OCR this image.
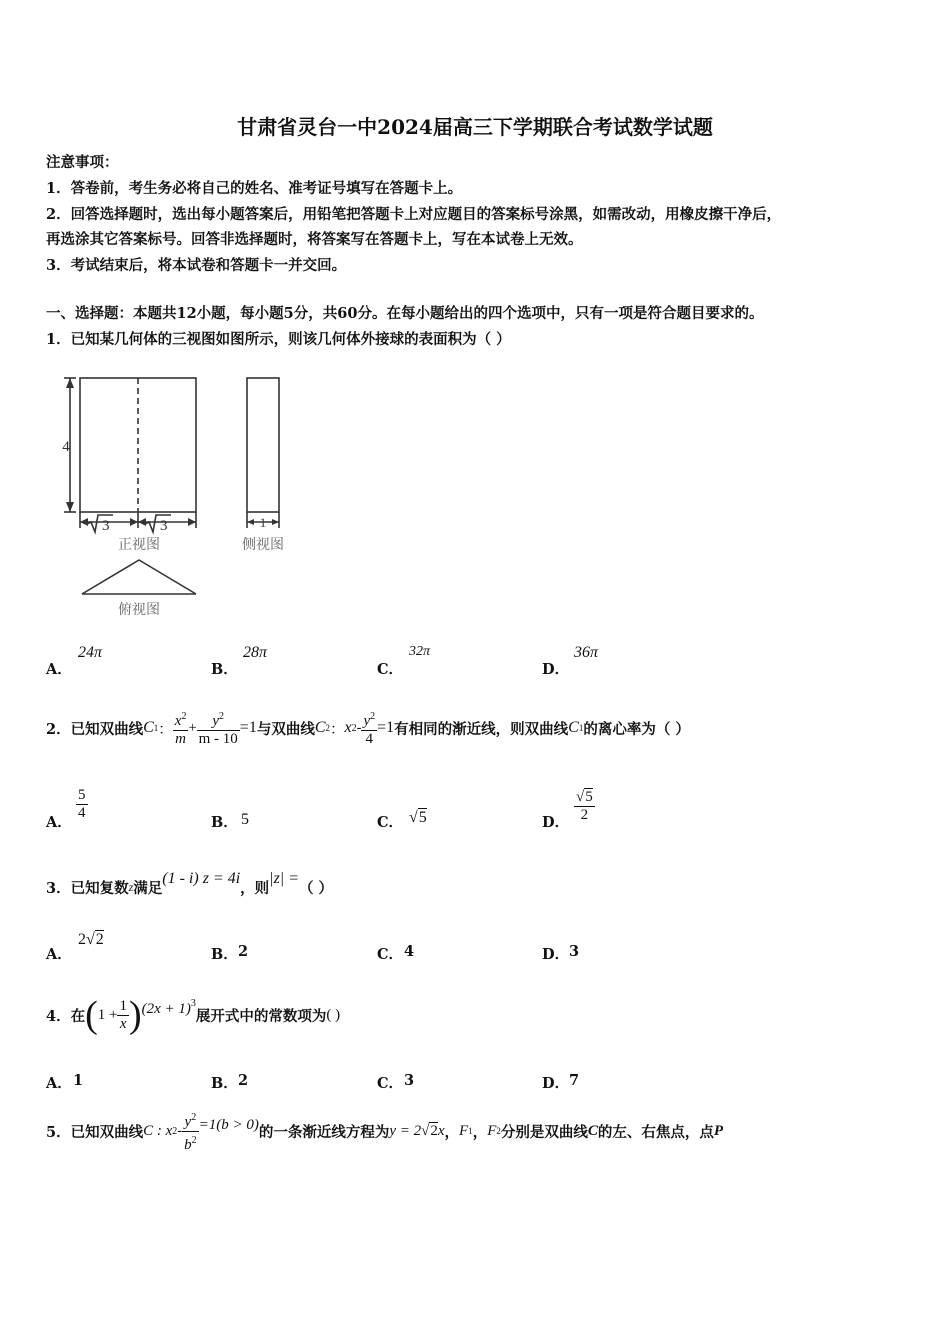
甘肃省灵台一中2024届高三下学期联合考试数学试题
注意事项：
1．答卷前，考生务必将自己的姓名、准考证号填写在答题卡上。
2．回答选择题时，选出每小题答案后，用铅笔把答题卡上对应题目的答案标号涂黑，如需改动，用橡皮擦干净后，
再选涂其它答案标号。回答非选择题时，将答案写在答题卡上，写在本试卷上无效。
3．考试结束后，将本试卷和答题卡一并交回。
一、选择题：本题共12小题，每小题5分，共60分。在每小题给出的四个选项中，只有一项是符合题目要求的。
1．已知某几何体的三视图如图所示，则该几何体外接球的表面积为（ ）
4
3	3	1
正视图	侧视图
俯视图
A．
24π
B．
28π
C．
32π
D．
36π
2．已知双曲线 C 1 ： $\frac{x^2}{m} + \frac{y^2}{m - 10} =1$ 与双曲线 C 2 ： x $2 - \frac{y^2}{4} =1$ 有相同的渐近线，则双曲线 C 1 的离心率为（ ）
A．
$\frac{5}{4}$
B． 5	C． √5	D． $\frac{√5}{2}$
3．已知复数 z 满足
(1 - i) z = 4i
，则
|z| =
（ ）
A．
2√2
B． 2	C． 4	D． 3
4．在 ( $1 + \frac{1}{x}$ ) $(2x + 1)^3$
展开式中的常数项为 ( )
A． 1	B． 2	C． 3	D． 7
5．已知双曲线 C : x $2 - \frac{y^2}{b^2} =1(b > 0)$ 的一条渐近线方程为 y = 2 √2 x ， F 1 ， F 2 分别是双曲线 C 的左、右焦点，点 P
